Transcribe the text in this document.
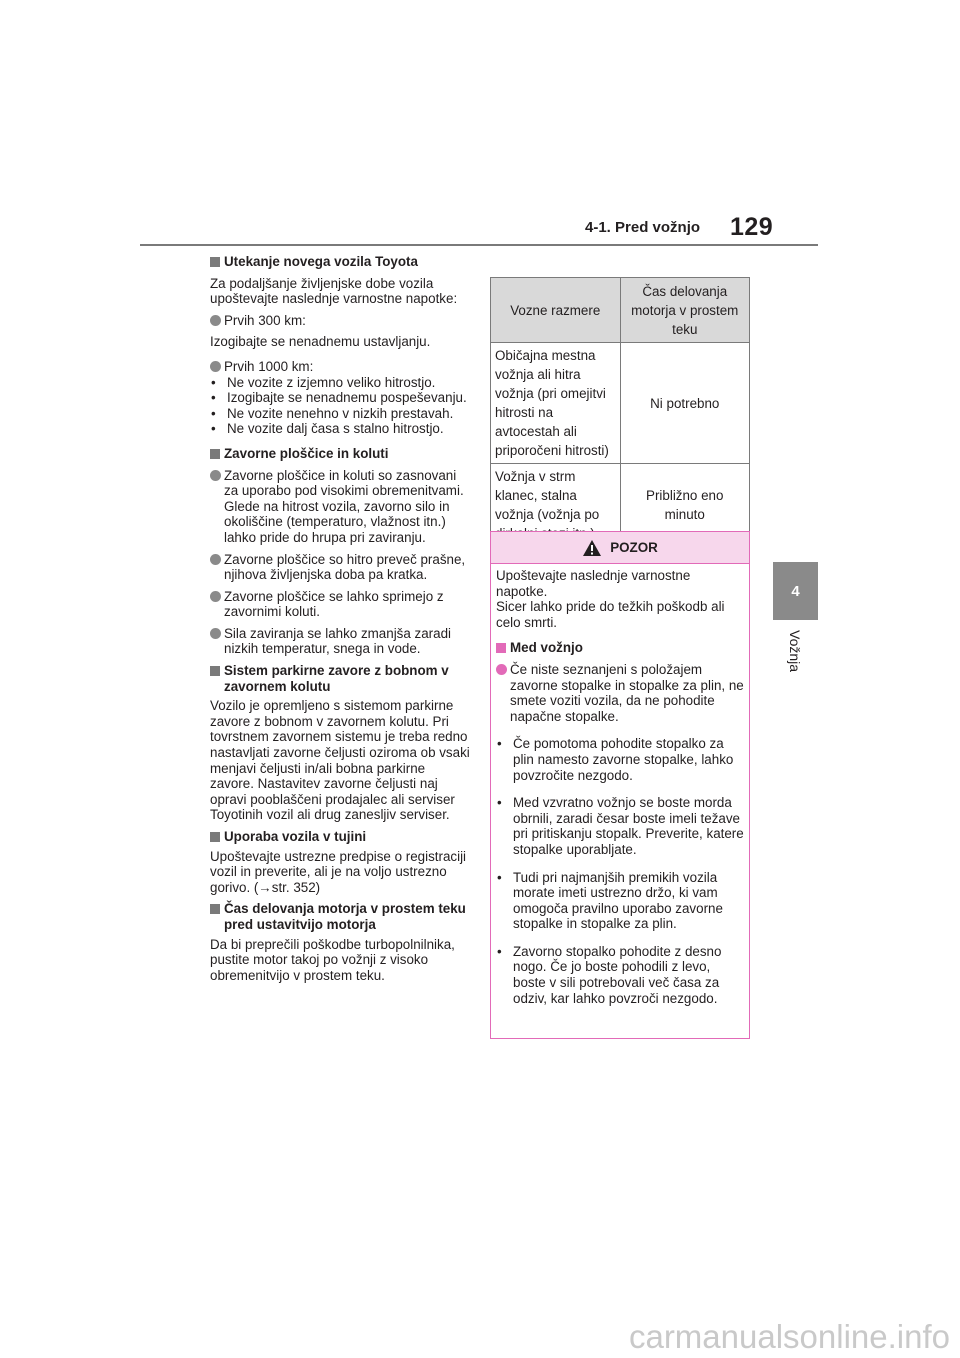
4-1. Pred vožnjo 129
4
Vožnja
Utekanje novega vozila Toyota

Za podaljšanje življenjske dobe vozila upoštevajte naslednje varnostne napotke:

Prvih 300 km:

Izogibajte se nenadnemu ustavljanju.

Prvih 1000 km:
• Ne vozite z izjemno veliko hitrostjo.
• Izogibajte se nenadnemu pospeševanju.
• Ne vozite nenehno v nizkih prestavah.
• Ne vozite dalj časa s stalno hitrostjo.
Zavorne ploščice in koluti
Zavorne ploščice in koluti so zasnovani za uporabo pod visokimi obremenitvami. Glede na hitrost vozila, zavorno silo in okoliščine (temperaturo, vlažnost itn.) lahko pride do hrupa pri zaviranju.
Zavorne ploščice so hitro preveč prašne, njihova življenjska doba pa kratka.
Zavorne ploščice se lahko sprimejo z zavornimi koluti.
Sila zaviranja se lahko zmanjša zaradi nizkih temperatur, snega in vode.
Sistem parkirne zavore z bobnom v zavornem kolutu

Vozilo je opremljeno s sistemom parkirne zavore z bobnom v zavornem kolutu. Pri tovrstnem zavornem sistemu je treba redno nastavljati zavorne čeljusti oziroma ob vsaki menjavi čeljusti in/ali bobna parkirne zavore. Nastavitev zavorne čeljusti naj opravi pooblaščeni prodajalec ali serviser Toyotinih vozil ali drug zanesljiv serviser.

Uporaba vozila v tujini

Upoštevajte ustrezne predpise o registraciji vozil in preverite, ali je na voljo ustrezno gorivo. (→str. 352)

Čas delovanja motorja v prostem teku pred ustavitvijo motorja

Da bi preprečili poškodbe turbopolnilnika, pustite motor takoj po vožnji z visoko obremenitvijo v prostem teku.

Vozne razmere	Čas delovanja motorja v prostem teku
Običajna mestna vožnja ali hitra vožnja (pri omejitvi hitrosti na avtocestah ali priporočeni hitrosti)	Ni potrebno
Vožnja v strm klanec, stalna vožnja (vožnja po	Približno eno minuto
POZOR

Upoštevajte naslednje varnostne napotke.
Sicer lahko pride do težkih poškodb ali celo smrti.

Med vožnjo
Če niste seznanjeni s položajem zavorne stopalke in stopalke za plin, ne smete voziti vozila, da ne pohodite napačne stopalke.
• Če pomotoma pohodite stopalko za plin namesto zavorne stopalke, lahko povzročite nezgodo.
• Med vzvratno vožnjo se boste morda obrnili, zaradi česar boste imeli težave pri pritiskanju stopalk. Preverite, katere stopalke uporabljate.
• Tudi pri najmanjših premikih vozila morate imeti ustrezno držo, ki vam omogoča pravilno uporabo zavorne stopalke in stopalke za plin.
• Zavorno stopalko pohodite z desno nogo. Če jo boste pohodili z levo, boste v sili potrebovali več časa za odziv, kar lahko povzroči nezgodo.
carmanualsonline.info
